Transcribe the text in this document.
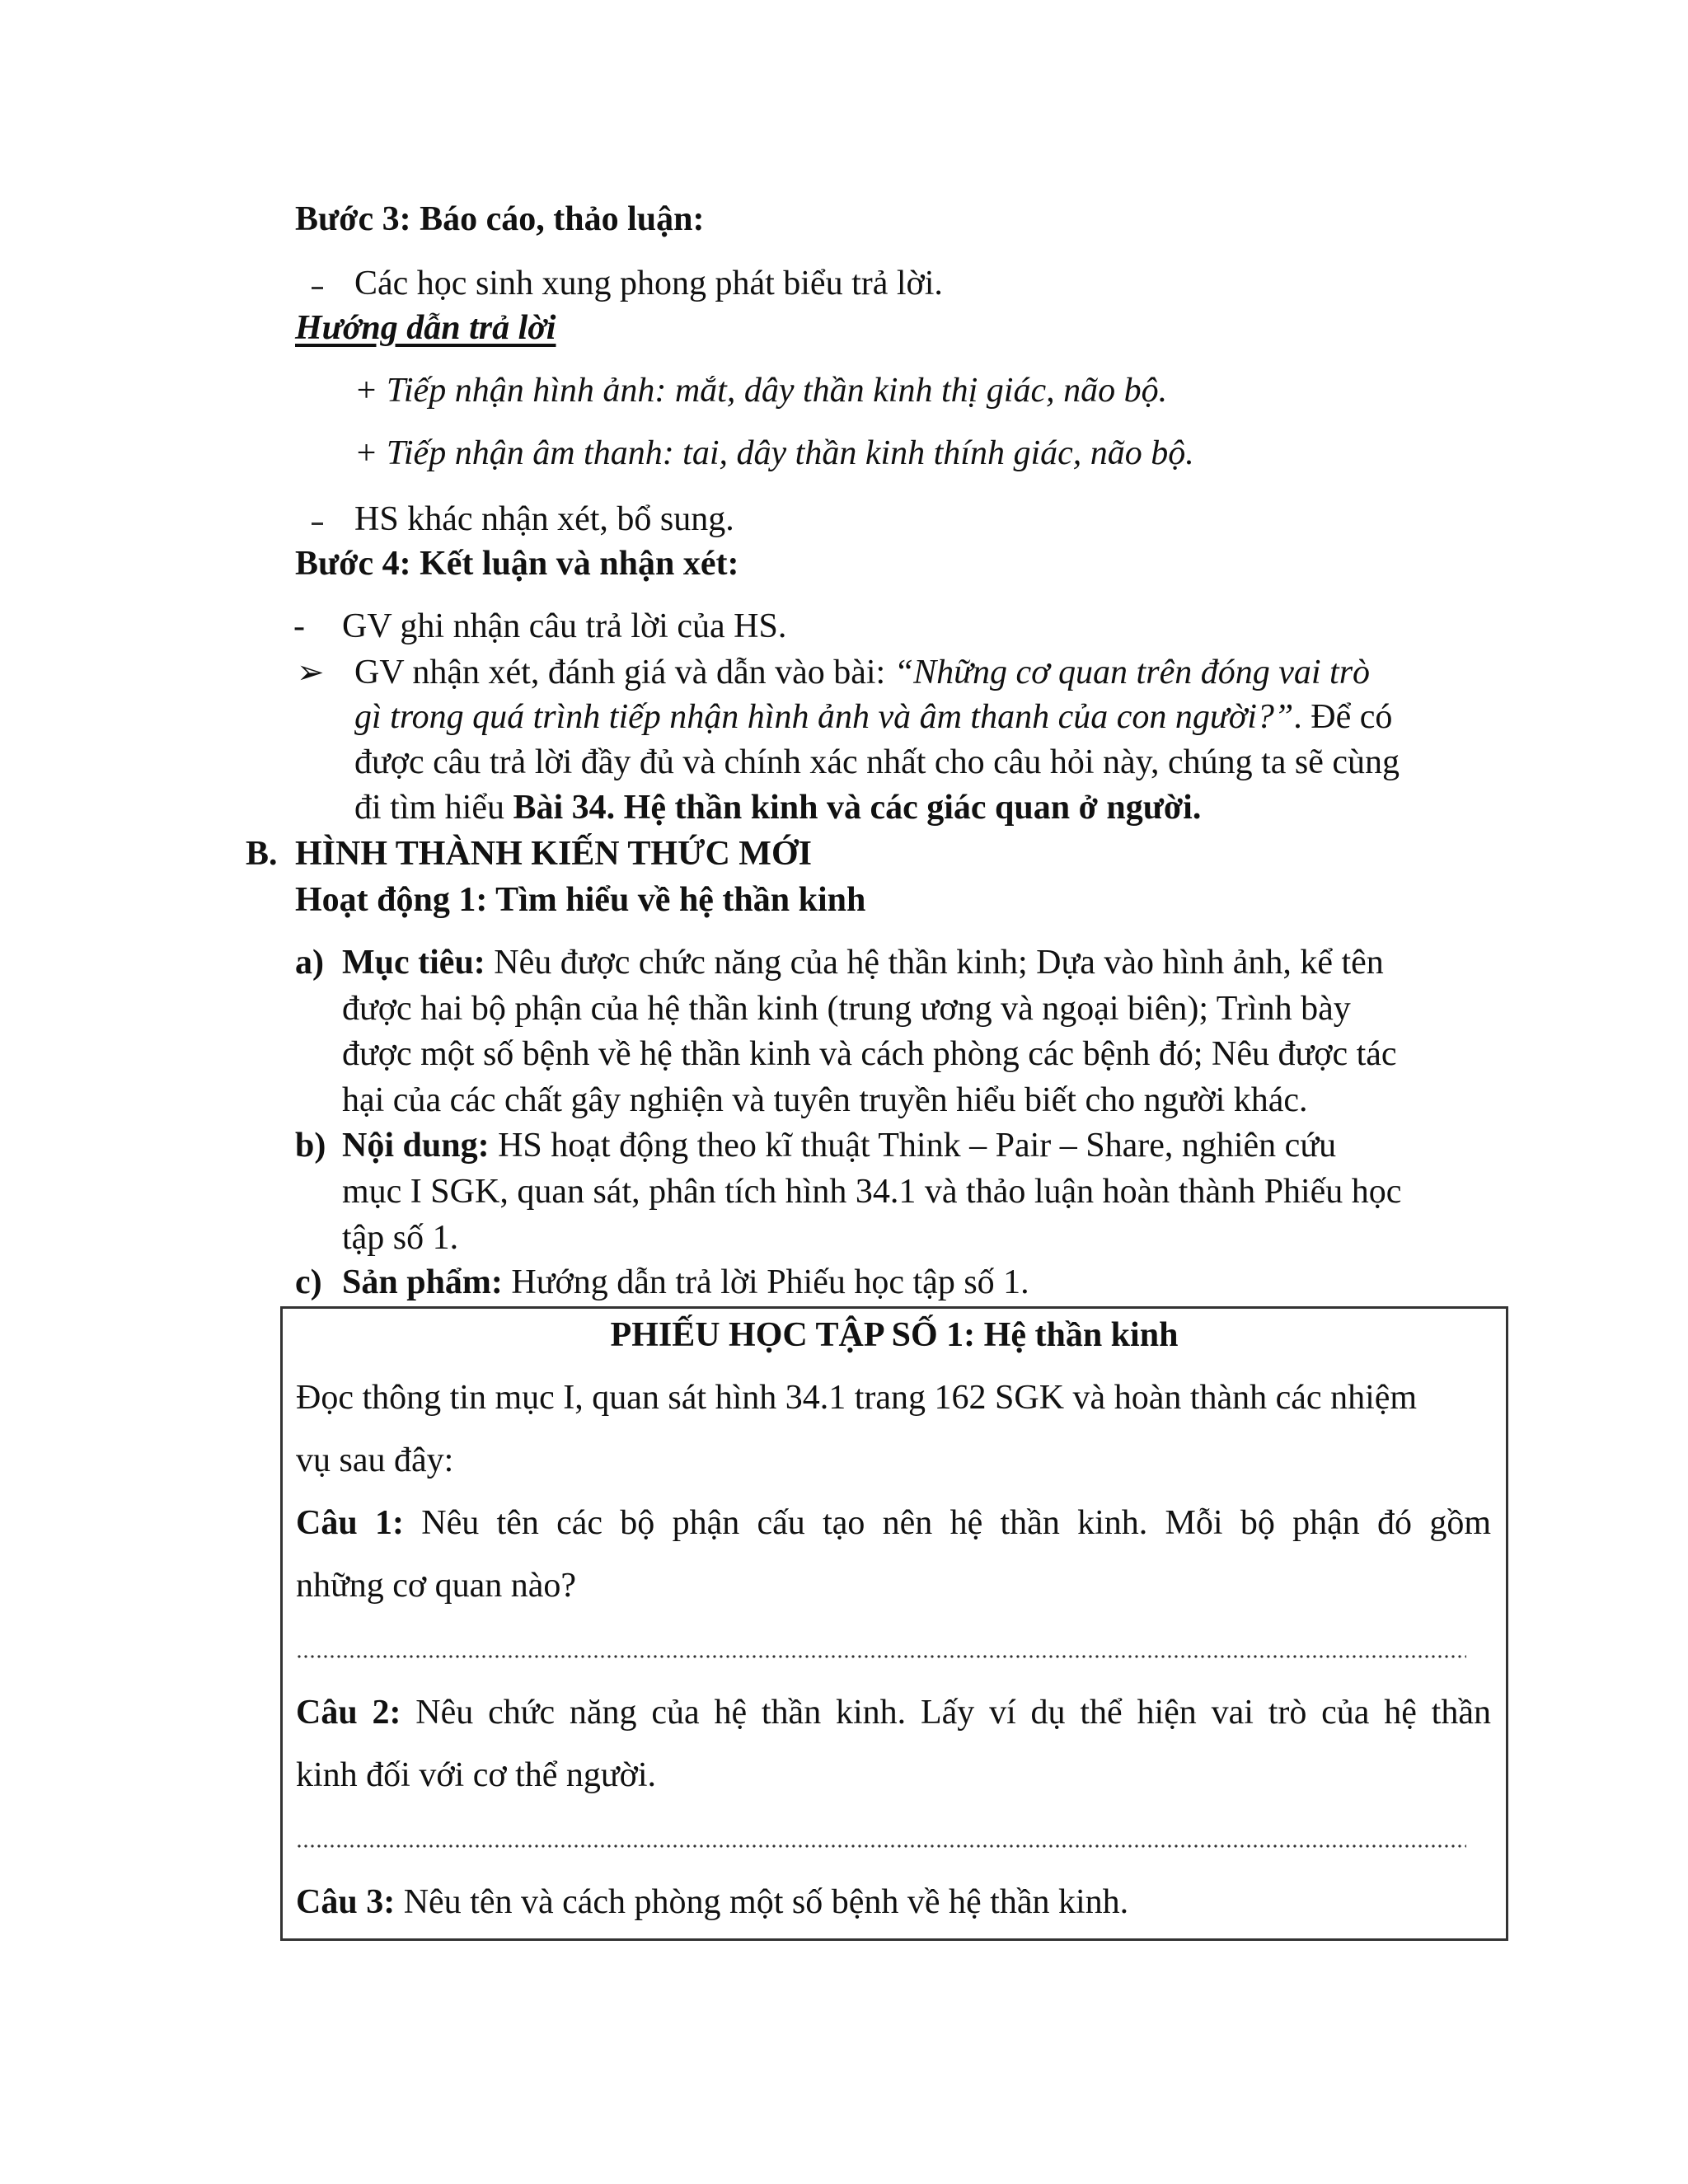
Bước 3: Báo cáo, thảo luận:
Các học sinh xung phong phát biểu trả lời.
Hướng dẫn trả lời
+ Tiếp nhận hình ảnh: mắt, dây thần kinh thị giác, não bộ.
+ Tiếp nhận âm thanh: tai, dây thần kinh thính giác, não bộ.
HS khác nhận xét, bổ sung.
Bước 4: Kết luận và nhận xét:
- GV ghi nhận câu trả lời của HS.
➢ GV nhận xét, đánh giá và dẫn vào bài: “Những cơ quan trên đóng vai trò
gì trong quá trình tiếp nhận hình ảnh và âm thanh của con người?”. Để có
được câu trả lời đầy đủ và chính xác nhất cho câu hỏi này, chúng ta sẽ cùng
đi tìm hiểu Bài 34. Hệ thần kinh và các giác quan ở người.
B. HÌNH THÀNH KIẾN THỨC MỚI
Hoạt động 1: Tìm hiểu về hệ thần kinh
a) Mục tiêu: Nêu được chức năng của hệ thần kinh; Dựa vào hình ảnh, kể tên
được hai bộ phận của hệ thần kinh (trung ương và ngoại biên); Trình bày
được một số bệnh về hệ thần kinh và cách phòng các bệnh đó; Nêu được tác
hại của các chất gây nghiện và tuyên truyền hiểu biết cho người khác.
b) Nội dung: HS hoạt động theo kĩ thuật Think – Pair – Share, nghiên cứu
mục I SGK, quan sát, phân tích hình 34.1 và thảo luận hoàn thành Phiếu học
tập số 1.
c) Sản phẩm: Hướng dẫn trả lời Phiếu học tập số 1.
PHIẾU HỌC TẬP SỐ 1: Hệ thần kinh
Đọc thông tin mục I, quan sát hình 34.1 trang 162 SGK và hoàn thành các nhiệm
vụ sau đây:
Câu 1: Nêu tên các bộ phận cấu tạo nên hệ thần kinh. Mỗi bộ phận đó gồm
những cơ quan nào?
Câu 2: Nêu chức năng của hệ thần kinh. Lấy ví dụ thể hiện vai trò của hệ thần
kinh đối với cơ thể người.
Câu 3: Nêu tên và cách phòng một số bệnh về hệ thần kinh.
